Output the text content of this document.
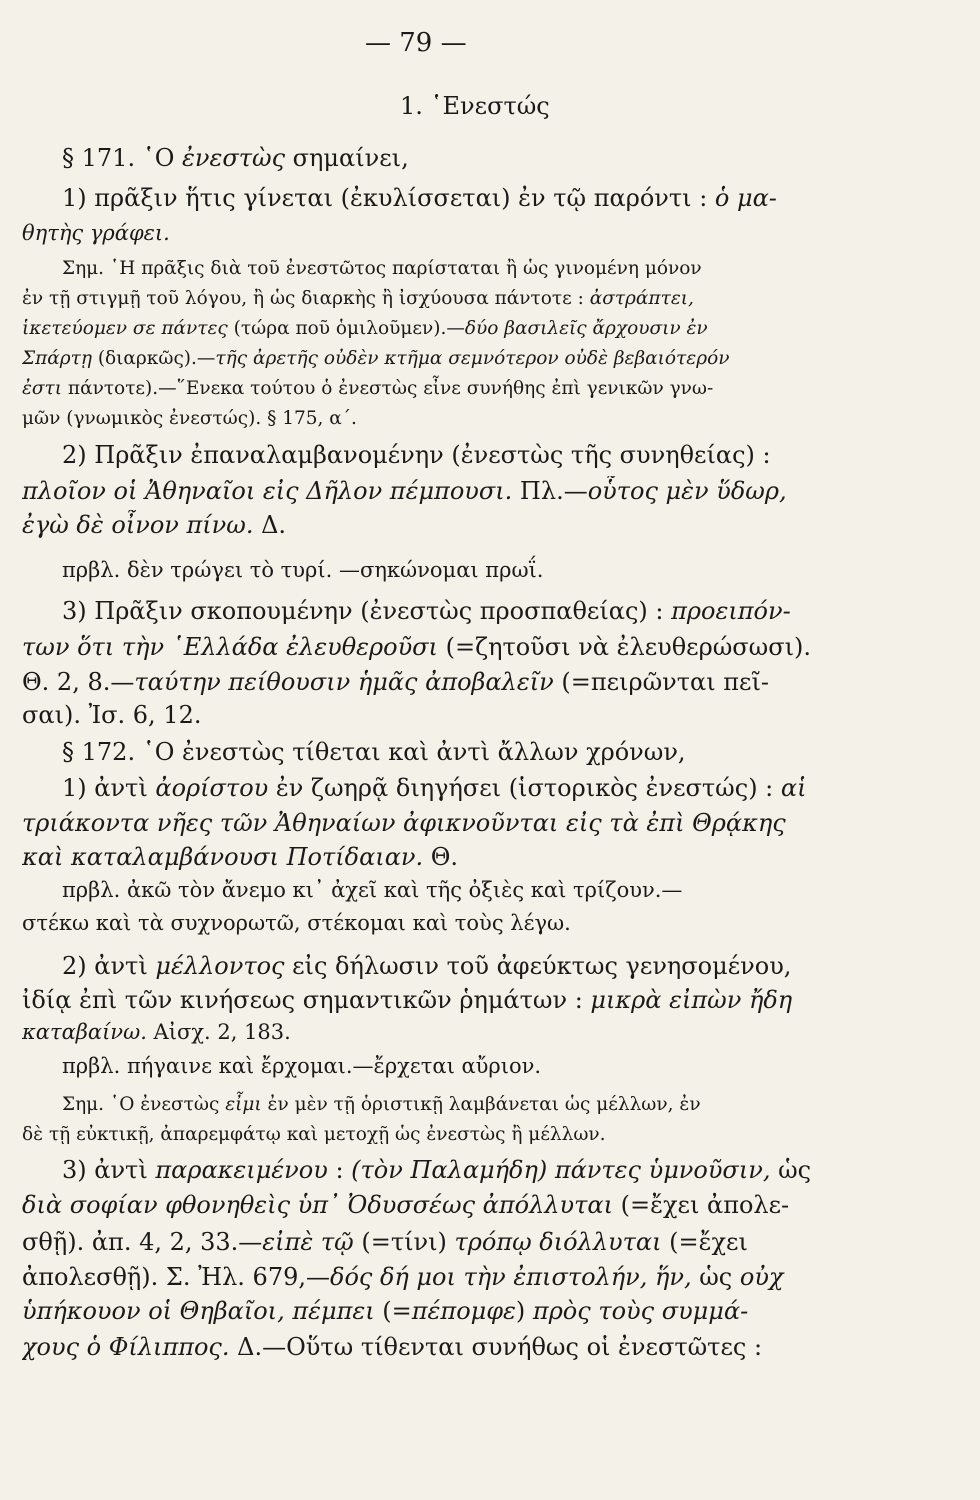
— 79 —
1. ῾Ενεστώς
§ 171. ῾Ο ἐνεστὼς σημαίνει,
1) πρᾶξιν ἥτις γίνεται (ἐκυλίσσεται) ἐν τῷ παρόντι : ὁ μα-
θητὴς γράφει.
Σημ. ῾Η πρᾶξις διὰ τοῦ ἐνεστῶτος παρίσταται ἢ ὡς γινομένη μόνον
ἐν τῇ στιγμῇ τοῦ λόγου, ἢ ὡς διαρκὴς ἢ ἰσχύουσα πάντοτε : ἀστράπτει,
ἱκετεύομεν σε πάντες (τώρα ποῦ ὁμιλοῦμεν).—δύο βασιλεῖς ἄρχουσιν ἐν
Σπάρτῃ (διαρκῶς).—τῆς ἀρετῆς οὐδὲν κτῆμα σεμνότερον οὐδὲ βεβαιότερόν
ἐστι πάντοτε).—῞Ενεκα τούτου ὁ ἐνεστὼς εἶνε συνήθης ἐπὶ γενικῶν γνω-
μῶν (γνωμικὸς ἐνεστώς). § 175, α΄.
2) Πρᾶξιν ἐπαναλαμβανομένην (ἐνεστὼς τῆς συνηθείας) :
πλοῖον οἱ Ἀθηναῖοι εἰς Δῆλον πέμπουσι. Πλ.—οὗτος μὲν ὕδωρ,
ἐγὼ δὲ οἶνον πίνω. Δ.
πρβλ. δὲν τρώγει τὸ τυρί. —σηκώνομαι πρωΐ.
3) Πρᾶξιν σκοπουμένην (ἐνεστὼς προσπαθείας) : προειπόν-
των ὅτι τὴν ῾Ελλάδα ἐλευθεροῦσι (=ζητοῦσι νὰ ἐλευθερώσωσι).
Θ. 2, 8.—ταύτην πείθουσιν ἡμᾶς ἀποβαλεῖν (=πειρῶνται πεῖ-
σαι). Ἰσ. 6, 12.
§ 172. ῾Ο ἐνεστὼς τίθεται καὶ ἀντὶ ἄλλων χρόνων,
1) ἀντὶ ἀορίστου ἐν ζωηρᾷ διηγήσει (ἱστορικὸς ἐνεστώς) : αἱ
τριάκοντα νῆες τῶν Ἀθηναίων ἀφικνοῦνται εἰς τὰ ἐπὶ Θρᾴκης
καὶ καταλαμβάνουσι Ποτίδαιαν. Θ.
πρβλ. ἀκῶ τὸν ἄνεμο κι᾿ ἀχεῖ καὶ τῆς ὀξιὲς καὶ τρίζουν.—
στέκω καὶ τὰ συχνορωτῶ, στέκομαι καὶ τοὺς λέγω.
2) ἀντὶ μέλλοντος εἰς δήλωσιν τοῦ ἀφεύκτως γενησομένου,
ἰδίᾳ ἐπὶ τῶν κινήσεως σημαντικῶν ῥημάτων : μικρὰ εἰπὼν ἤδη
καταβαίνω. Αἰσχ. 2, 183.
πρβλ. πήγαινε καὶ ἔρχομαι.—ἔρχεται αὔριον.
Σημ. ῾Ο ἐνεστὼς εἶμι ἐν μὲν τῇ ὁριστικῇ λαμβάνεται ὡς μέλλων, ἐν
δὲ τῇ εὐκτικῇ, ἀπαρεμφάτῳ καὶ μετοχῇ ὡς ἐνεστὼς ἢ μέλλων.
3) ἀντὶ παρακειμένου : (τὸν Παλαμήδη) πάντες ὑμνοῦσιν, ὡς
διὰ σοφίαν φθονηθεὶς ὑπ᾿ Ὀδυσσέως ἀπόλλυται (=ἔχει ἀπολε-
σθῇ). ἀπ. 4, 2, 33.—εἰπὲ τῷ (=τίνι) τρόπῳ διόλλυται (=ἔχει
ἀπολεσθῇ). Σ. Ἠλ. 679,—δός δή μοι τὴν ἐπιστολήν, ἥν, ὡς οὐχ
ὑπήκουον οἱ Θηβαῖοι, πέμπει (=πέπομφε) πρὸς τοὺς συμμά-
χους ὁ Φίλιππος. Δ.—Οὕτω τίθενται συνήθως οἱ ἐνεστῶτες :
